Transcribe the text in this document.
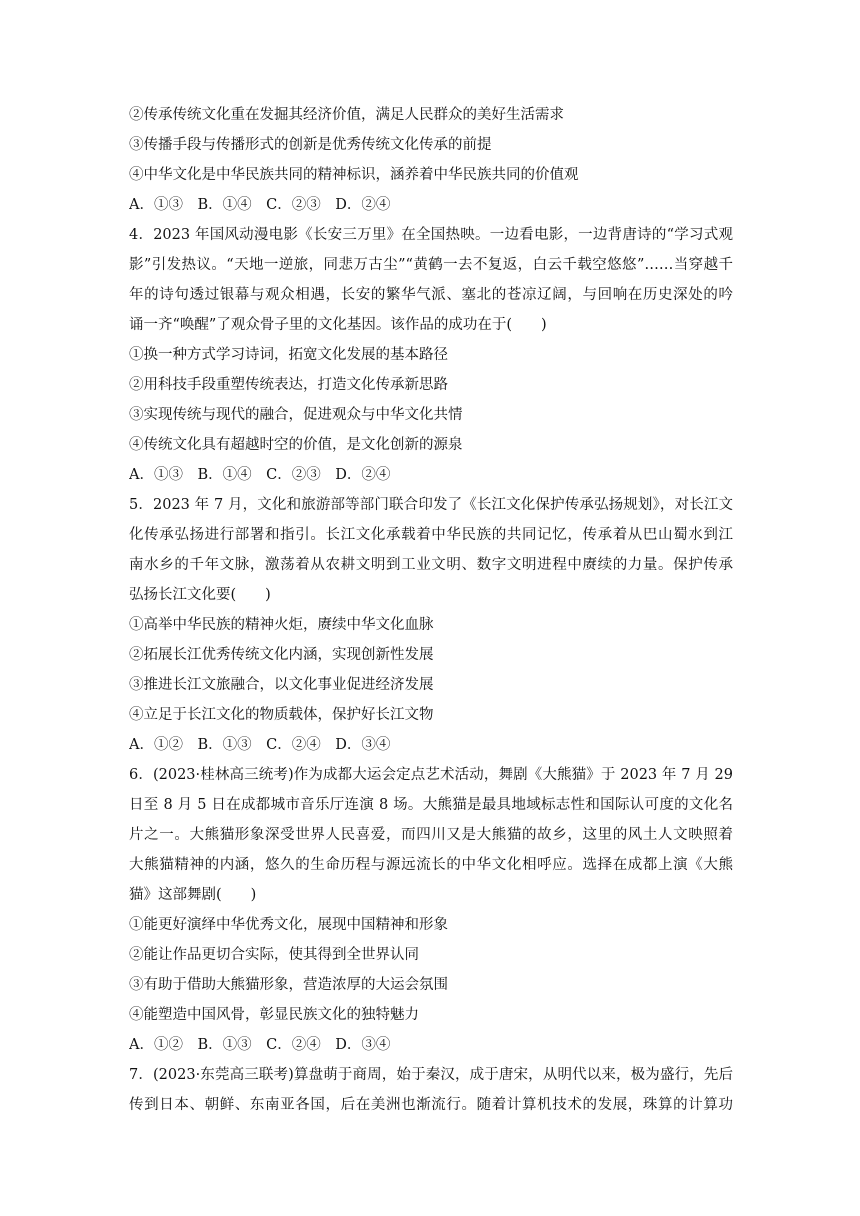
②传承传统文化重在发掘其经济价值，满足人民群众的美好生活需求
③传播手段与传播形式的创新是优秀传统文化传承的前提
④中华文化是中华民族共同的精神标识，涵养着中华民族共同的价值观
A．①③　B．①④　C．②③　D．②④
4．2023 年国风动漫电影《长安三万里》在全国热映。一边看电影，一边背唐诗的“学习式观
影”引发热议。“天地一逆旅，同悲万古尘”“黄鹤一去不复返，白云千载空悠悠”……当穿越千
年的诗句透过银幕与观众相遇，长安的繁华气派、塞北的苍凉辽阔，与回响在历史深处的吟
诵一齐“唤醒”了观众骨子里的文化基因。该作品的成功在于(　　)
①换一种方式学习诗词，拓宽文化发展的基本路径
②用科技手段重塑传统表达，打造文化传承新思路
③实现传统与现代的融合，促进观众与中华文化共情
④传统文化具有超越时空的价值，是文化创新的源泉
A．①③　B．①④　C．②③　D．②④
5．2023 年 7 月，文化和旅游部等部门联合印发了《长江文化保护传承弘扬规划》，对长江文
化传承弘扬进行部署和指引。长江文化承载着中华民族的共同记忆，传承着从巴山蜀水到江
南水乡的千年文脉，激荡着从农耕文明到工业文明、数字文明进程中赓续的力量。保护传承
弘扬长江文化要(　　)
①高举中华民族的精神火炬，赓续中华文化血脉
②拓展长江优秀传统文化内涵，实现创新性发展
③推进长江文旅融合，以文化事业促进经济发展
④立足于长江文化的物质载体，保护好长江文物
A．①②　B．①③　C．②④　D．③④
6．(2023·桂林高三统考)作为成都大运会定点艺术活动，舞剧《大熊猫》于 2023 年 7 月 29
日至 8 月 5 日在成都城市音乐厅连演 8 场。大熊猫是最具地域标志性和国际认可度的文化名
片之一。大熊猫形象深受世界人民喜爱，而四川又是大熊猫的故乡，这里的风土人文映照着
大熊猫精神的内涵，悠久的生命历程与源远流长的中华文化相呼应。选择在成都上演《大熊
猫》这部舞剧(　　)
①能更好演绎中华优秀文化，展现中国精神和形象
②能让作品更切合实际，使其得到全世界认同
③有助于借助大熊猫形象，营造浓厚的大运会氛围
④能塑造中国风骨，彰显民族文化的独特魅力
A．①②　B．①③　C．②④　D．③④
7．(2023·东莞高三联考)算盘萌于商周，始于秦汉，成于唐宋，从明代以来，极为盛行，先后
传到日本、朝鲜、东南亚各国，后在美洲也渐流行。随着计算机技术的发展，珠算的计算功
